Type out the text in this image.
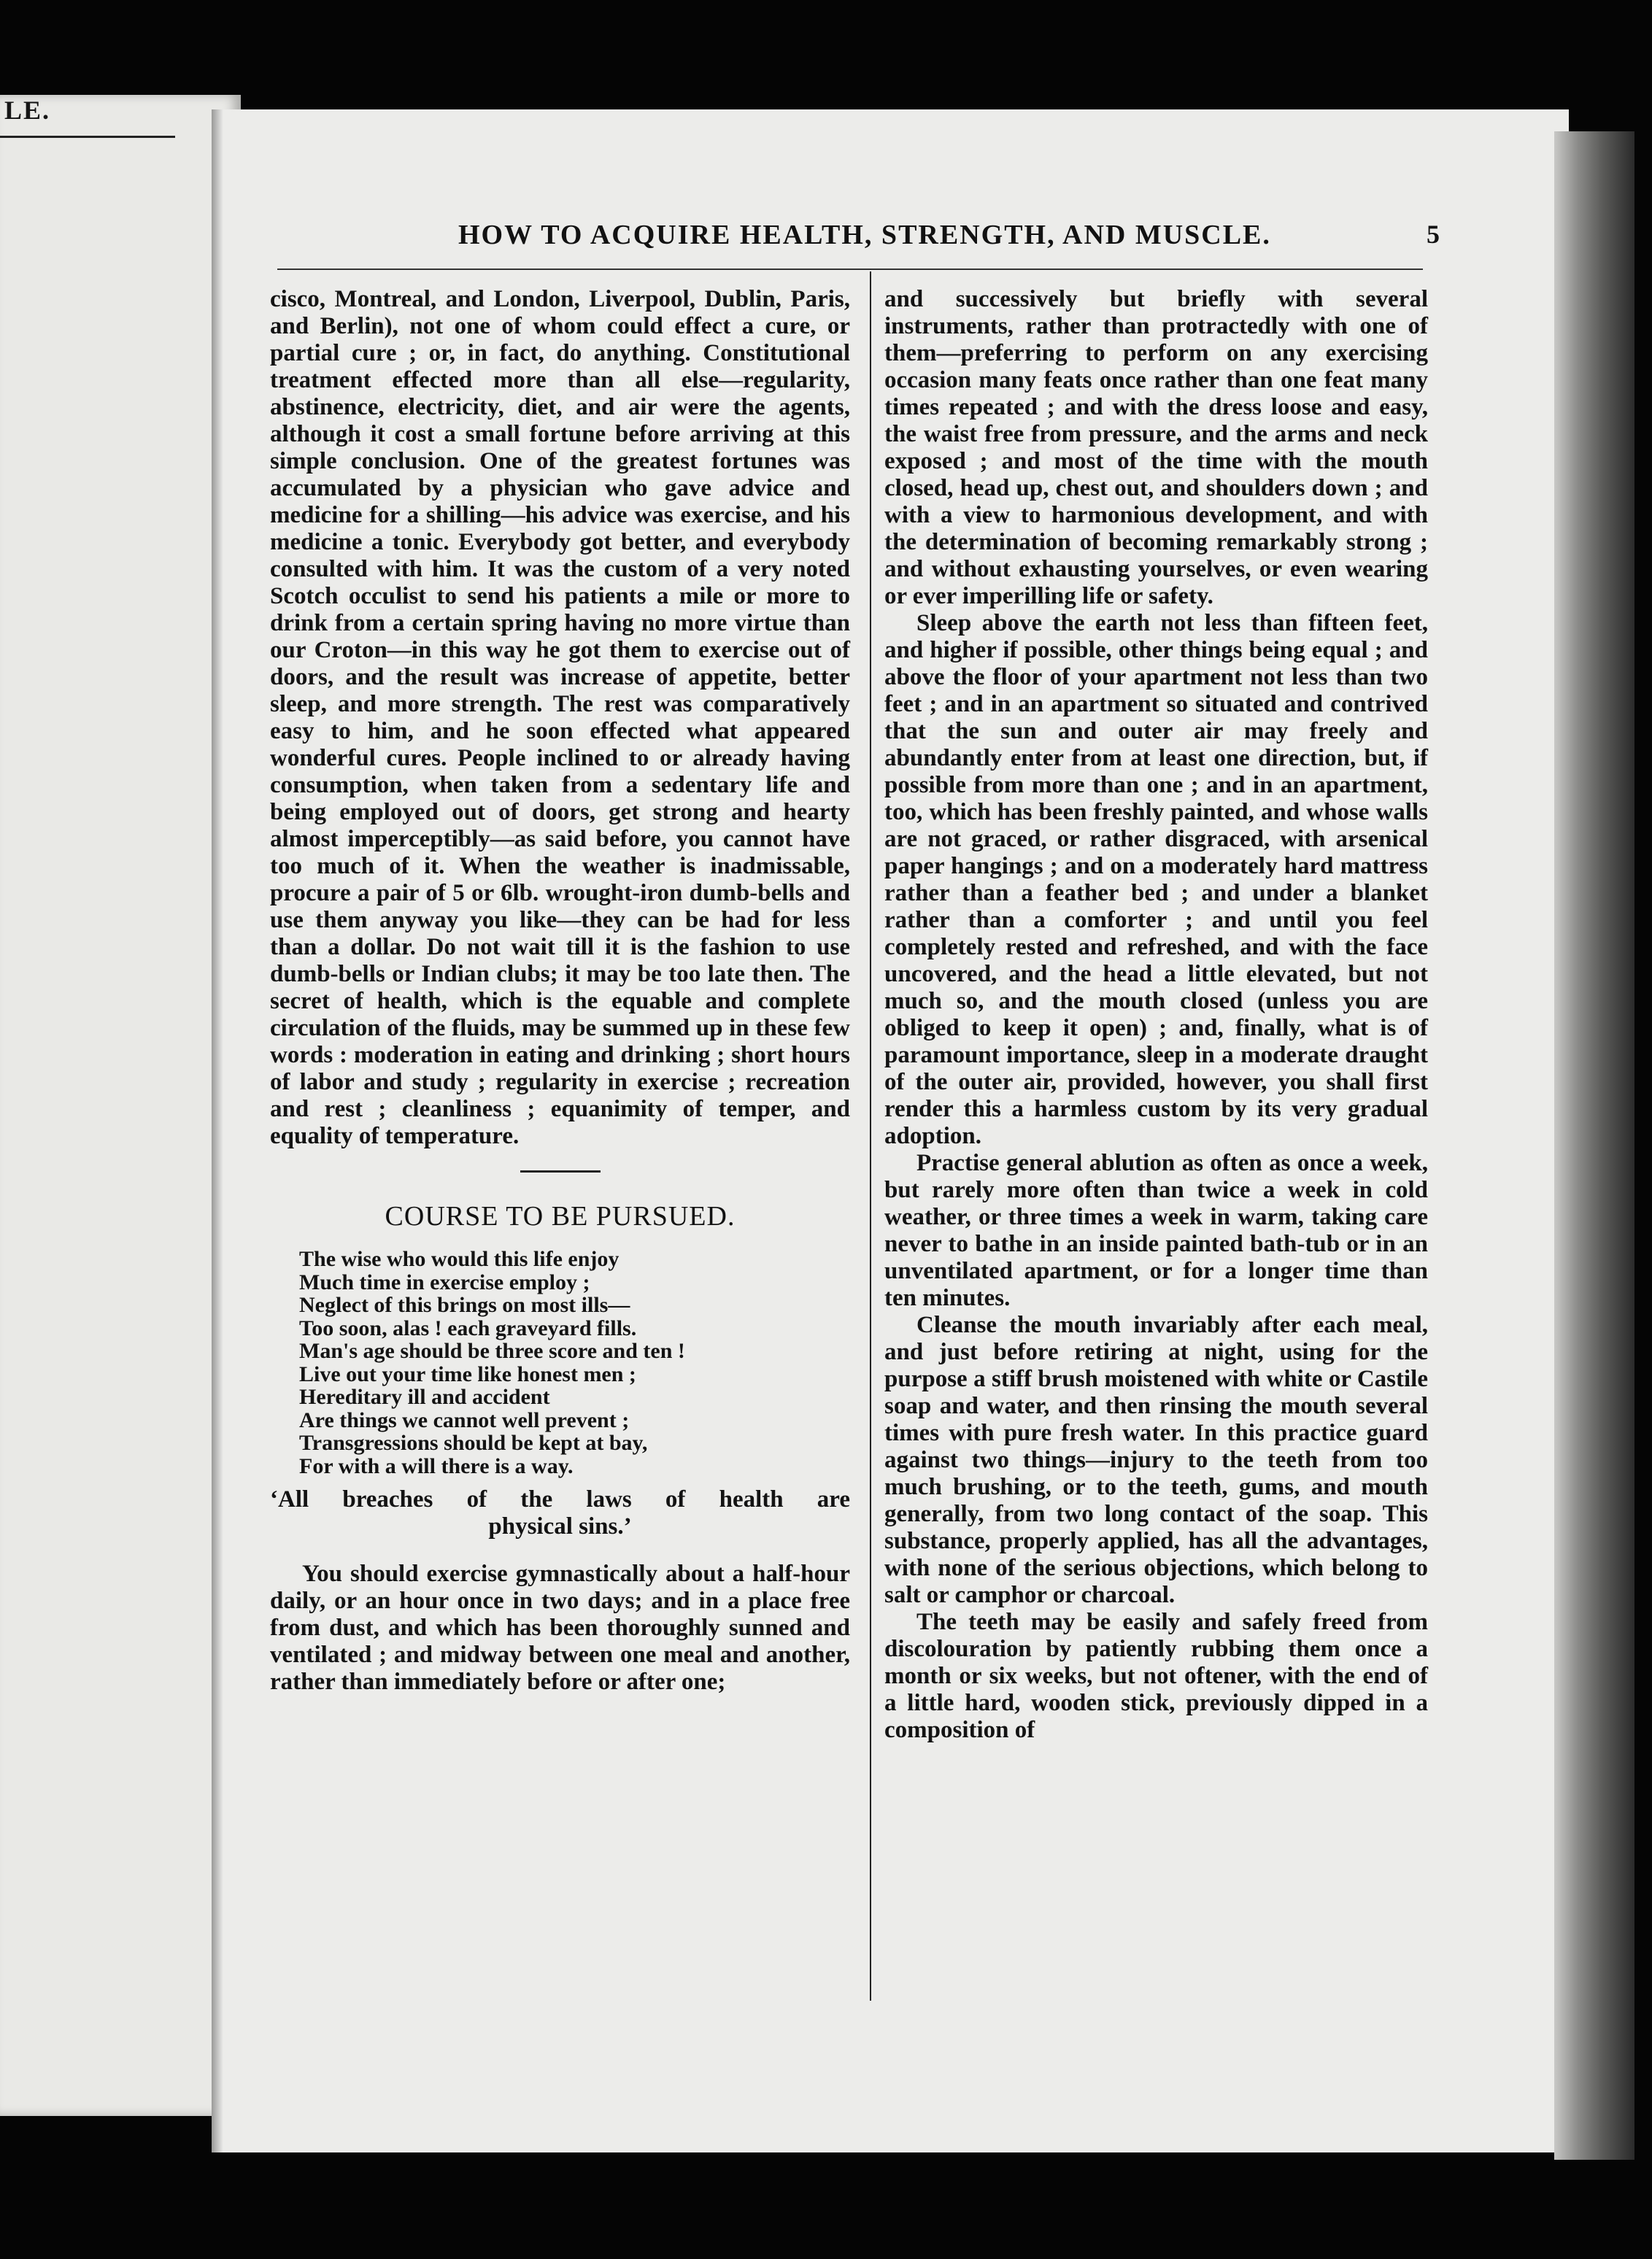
LE.
HOW TO ACQUIRE HEALTH, STRENGTH, AND MUSCLE.	5

cisco, Montreal, and London, Liverpool, Dublin, Paris, and Berlin), not one of whom could effect a cure, or partial cure ; or, in fact, do anything. Constitutional treatment effected more than all else—regularity, abstinence, electricity, diet, and air were the agents, although it cost a small fortune before arriving at this simple conclusion. One of the greatest fortunes was accumulated by a physician who gave advice and medicine for a shilling—his advice was exercise, and his medicine a tonic. Everybody got better, and everybody consulted with him. It was the custom of a very noted Scotch occulist to send his patients a mile or more to drink from a certain spring having no more virtue than our Croton—in this way he got them to exercise out of doors, and the result was increase of appetite, better sleep, and more strength. The rest was comparatively easy to him, and he soon effected what appeared wonderful cures. People inclined to or already having consumption, when taken from a sedentary life and being employed out of doors, get strong and hearty almost imperceptibly—as said before, you cannot have too much of it. When the weather is inadmissable, procure a pair of 5 or 6lb. wrought-iron dumb-bells and use them anyway you like—they can be had for less than a dollar. Do not wait till it is the fashion to use dumb-bells or Indian clubs; it may be too late then. The secret of health, which is the equable and complete circulation of the fluids, may be summed up in these few words : moderation in eating and drinking ; short hours of labor and study ; regularity in exercise ; recreation and rest ; cleanliness ; equanimity of temper, and equality of temperature.

COURSE TO BE PURSUED.
The wise who would this life enjoy
Much time in exercise employ ;
Neglect of this brings on most ills—
Too soon, alas ! each graveyard fills.
Man's age should be three score and ten !
Live out your time like honest men ;
Hereditary ill and accident
Are things we cannot well prevent ;
Transgressions should be kept at bay,
For with a will there is a way.

‘All breaches of the laws of health are
physical sins.’

You should exercise gymnastically about a half-hour daily, or an hour once in two days; and in a place free from dust, and which has been thoroughly sunned and ventilated ; and midway between one meal and another, rather than immediately before or after one;

and successively but briefly with several instruments, rather than protractedly with one of them—preferring to perform on any exercising occasion many feats once rather than one feat many times repeated ; and with the dress loose and easy, the waist free from pressure, and the arms and neck exposed ; and most of the time with the mouth closed, head up, chest out, and shoulders down ; and with a view to harmonious development, and with the determination of becoming remarkably strong ; and without exhausting yourselves, or even wearing or ever imperilling life or safety.

Sleep above the earth not less than fifteen feet, and higher if possible, other things being equal ; and above the floor of your apartment not less than two feet ; and in an apartment so situated and contrived that the sun and outer air may freely and abundantly enter from at least one direction, but, if possible from more than one ; and in an apartment, too, which has been freshly painted, and whose walls are not graced, or rather disgraced, with arsenical paper hangings ; and on a moderately hard mattress rather than a feather bed ; and under a blanket rather than a comforter ; and until you feel completely rested and refreshed, and with the face uncovered, and the head a little elevated, but not much so, and the mouth closed (unless you are obliged to keep it open) ; and, finally, what is of paramount importance, sleep in a moderate draught of the outer air, provided, however, you shall first render this a harmless custom by its very gradual adoption.

Practise general ablution as often as once a week, but rarely more often than twice a week in cold weather, or three times a week in warm, taking care never to bathe in an inside painted bath-tub or in an unventilated apartment, or for a longer time than ten minutes.

Cleanse the mouth invariably after each meal, and just before retiring at night, using for the purpose a stiff brush moistened with white or Castile soap and water, and then rinsing the mouth several times with pure fresh water. In this practice guard against two things—injury to the teeth from too much brushing, or to the teeth, gums, and mouth generally, from two long contact of the soap. This substance, properly applied, has all the advantages, with none of the serious objections, which belong to salt or camphor or charcoal.

The teeth may be easily and safely freed from discolouration by patiently rubbing them once a month or six weeks, but not oftener, with the end of a little hard, wooden stick, previously dipped in a composition of
